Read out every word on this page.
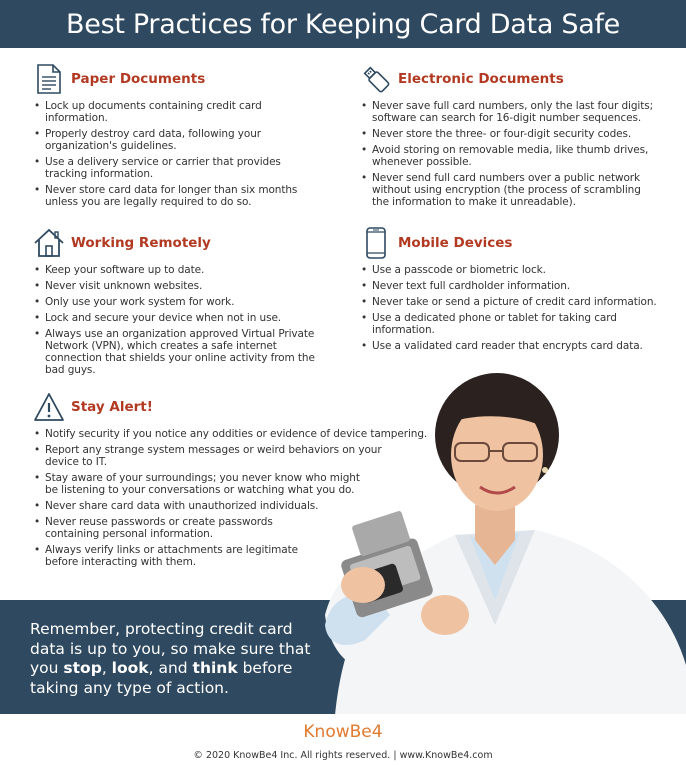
Best Practices for Keeping Card Data Safe
Paper Documents
• Lock up documents containing credit card information.
• Properly destroy card data, following your organization's guidelines.
• Use a delivery service or carrier that provides tracking information.
• Never store card data for longer than six months unless you are legally required to do so.
Electronic Documents
• Never save full card numbers, only the last four digits; software can search for 16-digit number sequences.
• Never store the three- or four-digit security codes.
• Avoid storing on removable media, like thumb drives, whenever possible.
• Never send full card numbers over a public network without using encryption (the process of scrambling the information to make it unreadable).
Working Remotely
• Keep your software up to date.
• Never visit unknown websites.
• Only use your work system for work.
• Lock and secure your device when not in use.
• Always use an organization approved Virtual Private Network (VPN), which creates a safe internet connection that shields your online activity from the bad guys.
Mobile Devices
• Use a passcode or biometric lock.
• Never text full cardholder information.
• Never take or send a picture of credit card information.
• Use a dedicated phone or tablet for taking card information.
• Use a validated card reader that encrypts card data.
Stay Alert!
• Notify security if you notice any oddities or evidence of device tampering.
• Report any strange system messages or weird behaviors on your device to IT.
• Stay aware of your surroundings; you never know who might be listening to your conversations or watching what you do.
• Never share card data with unauthorized individuals.
• Never reuse passwords or create passwords containing personal information.
• Always verify links or attachments are legitimate before interacting with them.
Remember, protecting credit card data is up to you, so make sure that you stop, look, and think before taking any type of action.
KnowBe4
© 2020 KnowBe4 Inc. All rights reserved. | www.KnowBe4.com
